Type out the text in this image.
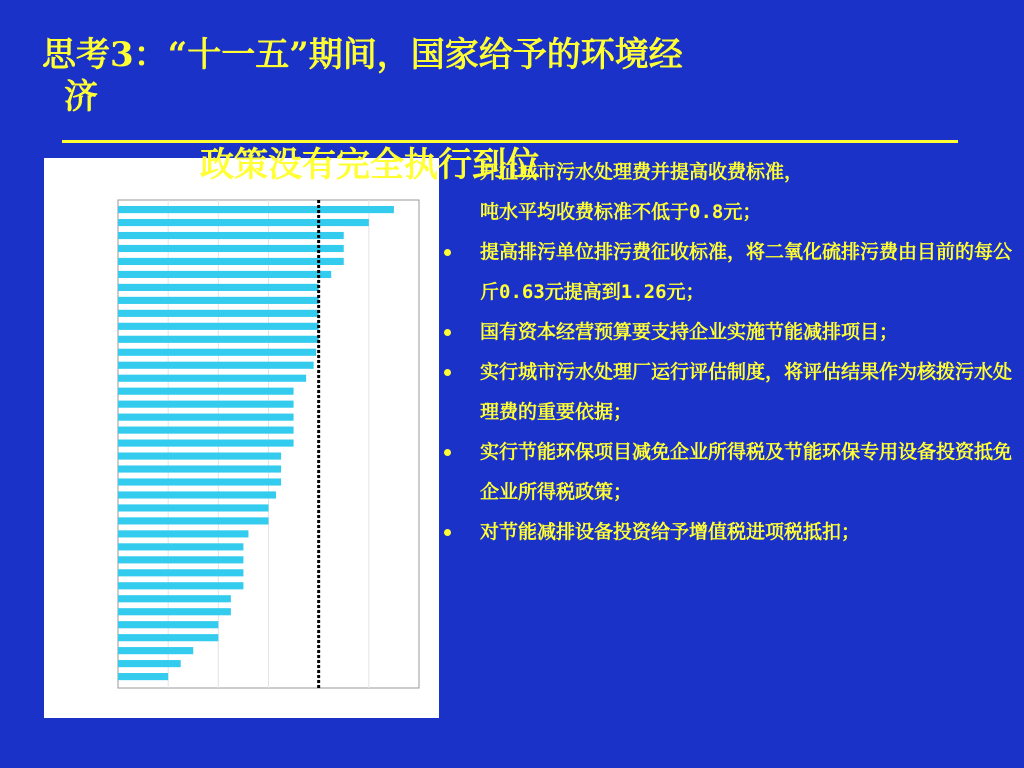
思考3：“十一五”期间，国家给予的环境经
济
政策没有完全执行到位
开征城市污水处理费并提高收费标准，
吨水平均收费标准不低于0.8元；
提高排污单位排污费征收标准，将二氧化硫排污费由目前的每公斤0.63元提高到1.26元；
国有资本经营预算要支持企业实施节能减排项目；
实行城市污水处理厂运行评估制度，将评估结果作为核拨污水处理费的重要依据；
实行节能环保项目减免企业所得税及节能环保专用设备投资抵免企业所得税政策；
对节能减排设备投资给予增值税进项税抵扣；
